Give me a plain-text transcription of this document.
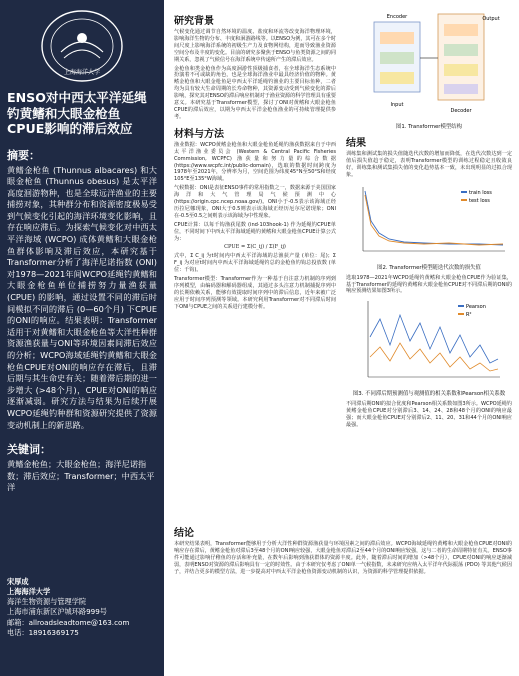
上海海洋大学
ENSO对中西太平洋延绳钓黄鳍和大眼金枪鱼CPUE影响的滞后效应
摘要：
黄鳍金枪鱼 (Thunnus albacares) 和大眼金枪鱼 (Thunnus obesus) 是太平洋高度洄游物种，也是全球远洋渔业的主要捕捞对象，其种群分布和资源密度极易受到气候变化引起的海洋环境变化影响，且存在响应滞后。为探索气候变化对中西太平洋海域 (WCPO) 成体黄鳍和大眼金枪鱼群体影响及滞后效应，本研究基于Transformer分析了海洋尼诺指数 (ONI) 对1978—2021年间WCPO延绳钓黄鳍和大眼金枪鱼单位捕捞努力量渔获量 (CPUE) 的影响，通过设置不同的滞后时间模拟不同的滞后 (0—60个月) 下CPUE的ONI的响应。结果表明：Transformer适用于对黄鳍和大眼金枪鱼等大洋性种群资源渔获量与ONI等环境因素间滞后效应的分析；WCPO海域延绳钓黄鳍和大眼金枪鱼CPUE对ONI的响应存在滞后，且滞后期与其生命史有关；随着滞后期的进一步增大 (>48个月)，CPUE对ONI的响应逐渐减弱。研究方法与结果为后续开展WCPO延绳钓种群和资源研究提供了资源变动机制上的新思路。
关键词：
黄鳍金枪鱼；大眼金枪鱼；海洋尼诺指数；滞后效应；Transformer；中西太平洋
宋厚成
上海海洋大学
海洋生物资源与管理学院
上海市浦东新区沪城环路999号
邮箱：allroadsleadtome@163.com
电话：18916369175
研究背景
气候变化通过调节自然环境的温度、盐度和环流等改变海洋物理环境，影响海洋生物的分布、丰度和洄游路线等。以ENSO为例，其可在多个时间尺度上影响海洋系统的初级生产力及食物网结构，进而导致渔业资源空间分布及丰度的变化。目前的研究多聚焦于ENSO与鱼类资源之间的同期关系，忽视了气候信号在海洋系统中传递所产生的滞后效应。
金枪鱼和类金枪鱼作为高度洄游性顶级捕食者，在全球海洋生态系统中扮演着不可或缺的角色，也是全球海洋渔业中最具经济价值的物种。黄鳍金枪鱼和大眼金枪鱼是中西太平洋延绳钓渔业的主要目标鱼种，二者均为具有较大生命周期的长寿命物种，其资源变动受到气候变化的滞后影响，探究其对ENSO的滞后响应机制对于渔业资源的科学管理具有重要意义。本研究基于Transformer模型，探讨了ONI对黄鳍和大眼金枪鱼CPUE的滞后效应，以期为中西太平洋金枪鱼渔业的可持续管理提供参考。
材料与方法
渔业数据：WCPO黄鳍金枪鱼和大眼金枪鱼延绳钓渔获数据来自于中西太平洋渔业委员会 (Western & Central Pacific Fisheries Commission, WCPFC) 渔获量和努力量的综合数据 (https://www.wcpfc.int/public-domain)，选取的数据时间跨度为1978年至2021年，分辨率为月，空间范围为纬度45°N至50°S和经度105°E至135°W海域。
气候数据：ONI是表征ENSO事件的常用指数之一，数据来源于美国国家海洋和大气管理局气候预测中心 (https://origin.cpc.ncep.noaa.gov/)。ONI小于-0.5表示该海域正经历拉尼娜现象，ONI大于0.5则表示该海域正经历厄尔尼诺现象；ONI在-0.5至0.5之间则表示该海域为中性现象。
CPUE计算：以每千钩渔获尾数 (ind·103hook-1) 作为延绳钓CPUE单位，不同时间下中西太平洋海域延绳钓黄鳍和大眼金枪鱼CPUE计算公式为：
CPUE = Σ(C_ij) / Σ(F_ij)
式中，Σ C_ij 为t时间内中西太平洋海域的总渔获产量 (单位：尾)；Σ F_ij 为对应t时间内中西太平洋海域延绳钓总的金枪鱼钓钩总投放数 (单位：千钩)。
Transformer模型：Transformer作为一种基于自注意力机制的序列到序列模型，由编码器和解码器组成，其通过多头注意力机制捕捉序列中的长期依赖关系，能够有效提取时间序列中的滞后信息，近年来被广泛应用于时间序列预测等领域。本研究利用Transformer对不同滞后时间下ONI与CPUE之间的关系进行建模分析。
Input
Encoder
Decoder
Output
图1. Transformer模型结构
结果
训练集和测试集的损失值随迭代次数的增加而降低，在迭代次数达到一定值后损失值趋于稳定，表明Transformer模型的训练过程稳定且收敛良好，训练集和测试集损失值的变化趋势基本一致，未出现明显的过拟合现象。
train loss
test loss
图2. Transformer模型随迭代次数的损失值
选取1978—2021年WCPO延绳钓黄鳍和大眼金枪鱼CPUE作为验证集，基于Transformer的延绳钓黄鳍和大眼金枪鱼CPUE对不同滞后期的ONI的响应预测结果如图3所示。
Pearson
R²
图3. 不同滞后期预测值与观测值的相关系数和Pearson相关系数
不同滞后期ONI的拟合优度和Pearson相关系数如图3所示。WCPO延绳钓黄鳍金枪鱼CPUE对分别滞后3、14、24、28和48个月的ONI的响应最强；而大眼金枪鱼CPUE对分别滞后2、11、20、31和44个月的ONI响应最强。
结论
本研究结果表明，Transformer能够用于分析大洋性种群资源渔获量与环境因素之间的滞后效应。WCPO海域延绳钓黄鳍和大眼金枪鱼CPUE对ONI的响应存在滞后，黄鳍金枪鱼对滞后3至48个月的ONI响应较强，大眼金枪鱼对滞后2至44个月的ONI响应较强，这与二者的生命周期特征有关。ENSO事件可能通过影响仔稚鱼的存活和补充量，在数年后影响到渔获群体的资源丰度。此外，随着滞后时间的增加（>48个月），CPUE对ONI的响应逐渐减弱，表明ENSO对资源的滞后影响具有一定的时效性。由于本研究仅考虑了ONI单一气候指数，未来研究应纳入太平洋年代际振荡 (PDO) 等其他气候因子，并结合更多的模型方法，进一步提高对中西太平洋金枪鱼资源变动机制的认识，为资源的科学管理提供依据。
